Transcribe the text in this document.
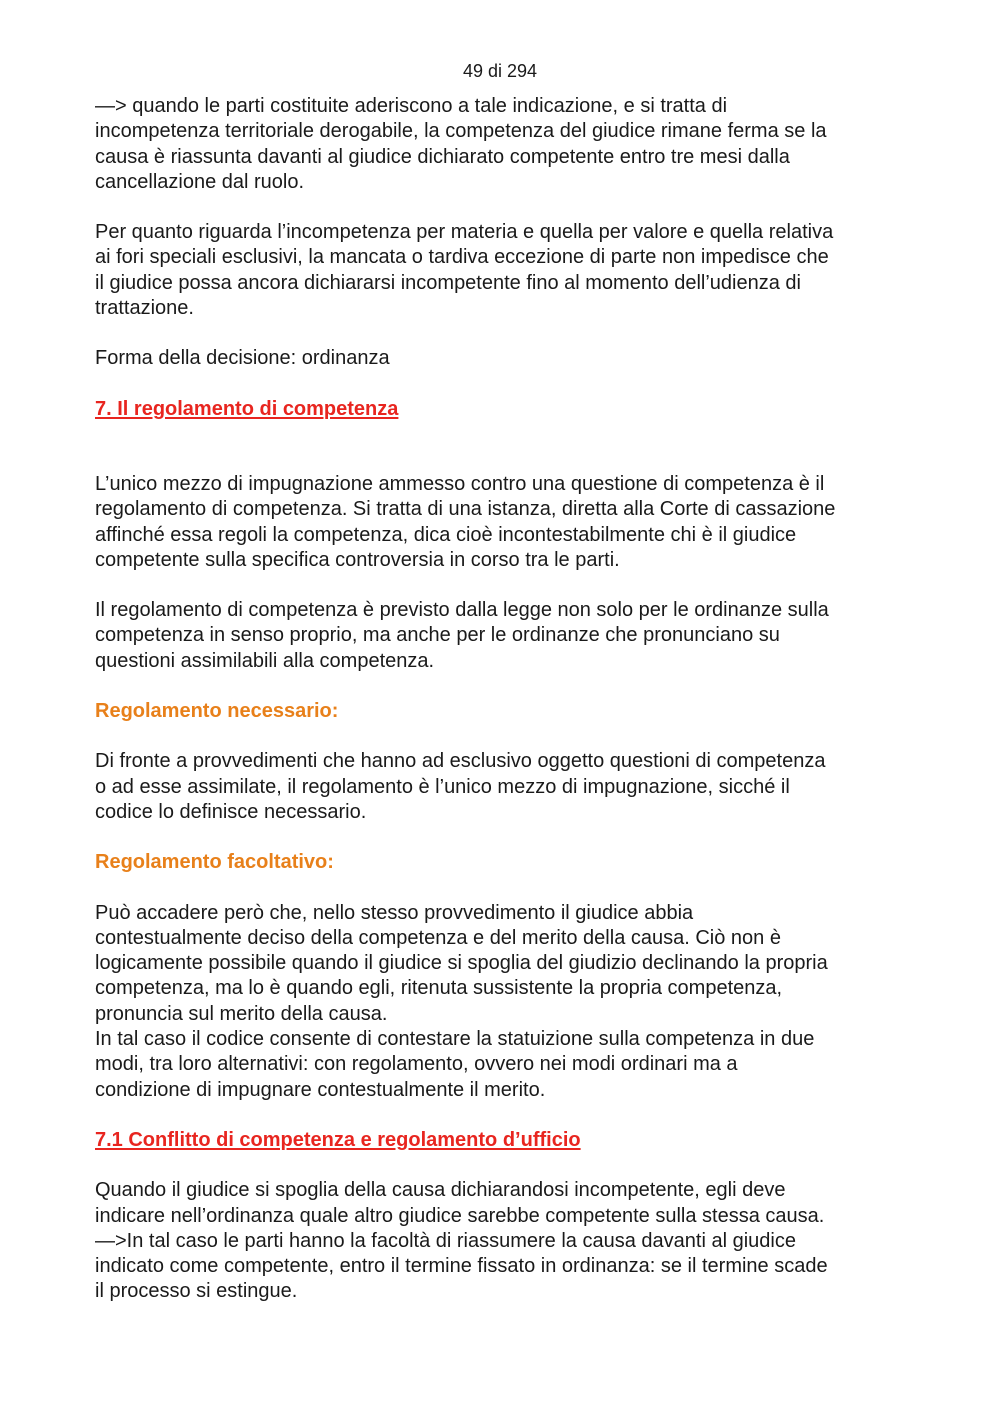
49 di 294

—> quando le parti costituite aderiscono a tale indicazione, e si tratta di
incompetenza territoriale derogabile, la competenza del giudice rimane ferma se la
causa è riassunta davanti al giudice dichiarato competente entro tre mesi dalla
cancellazione dal ruolo.

Per quanto riguarda l’incompetenza per materia e quella per valore e quella relativa
ai fori speciali esclusivi, la mancata o tardiva eccezione di parte non impedisce che
il giudice possa ancora dichiararsi incompetente fino al momento dell’udienza di
trattazione.

Forma della decisione: ordinanza

7. Il regolamento di competenza

L’unico mezzo di impugnazione ammesso contro una questione di competenza è il
regolamento di competenza. Si tratta di una istanza, diretta alla Corte di cassazione
affinché essa regoli la competenza, dica cioè incontestabilmente chi è il giudice
competente sulla specifica controversia in corso tra le parti.

Il regolamento di competenza è previsto dalla legge non solo per le ordinanze sulla
competenza in senso proprio, ma anche per le ordinanze che pronunciano su
questioni assimilabili alla competenza.

Regolamento necessario:

Di fronte a provvedimenti che hanno ad esclusivo oggetto questioni di competenza
o ad esse assimilate, il regolamento è l’unico mezzo di impugnazione, sicché il
codice lo definisce necessario.

Regolamento facoltativo:

Può accadere però che, nello stesso provvedimento il giudice abbia
contestualmente deciso della competenza e del merito della causa. Ciò non è
logicamente possibile quando il giudice si spoglia del giudizio declinando la propria
competenza, ma lo è quando egli, ritenuta sussistente la propria competenza,
pronuncia sul merito della causa.
In tal caso il codice consente di contestare la statuizione sulla competenza in due
modi, tra loro alternativi: con regolamento, ovvero nei modi ordinari ma a
condizione di impugnare contestualmente il merito.

7.1 Conflitto di competenza e regolamento d’ufficio

Quando il giudice si spoglia della causa dichiarandosi incompetente, egli deve
indicare nell’ordinanza quale altro giudice sarebbe competente sulla stessa causa.
—>In tal caso le parti hanno la facoltà di riassumere la causa davanti al giudice
indicato come competente, entro il termine fissato in ordinanza: se il termine scade
il processo si estingue.
